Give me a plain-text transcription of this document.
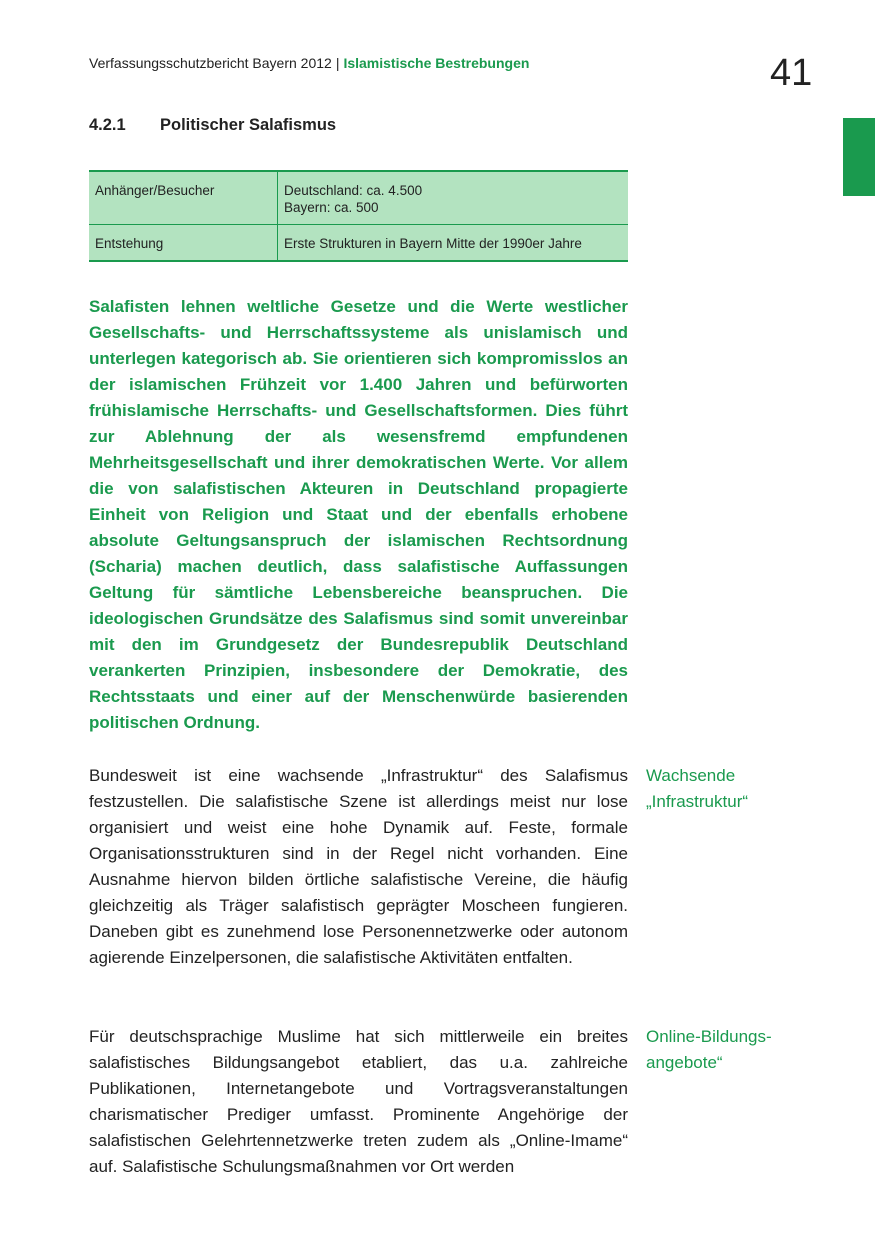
Verfassungsschutzbericht Bayern 2012 | Islamistische Bestrebungen	41
4.2.1 Politischer Salafismus
Anhänger/Besucher	Deutschland: ca. 4.500
Bayern: ca. 500

Entstehung	Erste Strukturen in Bayern Mitte der 1990er Jahre

Salafisten lehnen weltliche Gesetze und die Werte westlicher Gesellschafts- und Herrschaftssysteme als unislamisch und unterlegen kategorisch ab. Sie orientieren sich kompromisslos an der islamischen Frühzeit vor 1.400 Jahren und befürworten frühislamische Herrschafts- und Gesellschaftsformen. Dies führt zur Ablehnung der als wesensfremd empfundenen Mehrheitsgesellschaft und ihrer demokratischen Werte. Vor allem die von salafistischen Akteuren in Deutschland propagierte Einheit von Religion und Staat und der ebenfalls erhobene absolute Geltungsanspruch der islamischen Rechtsordnung (Scharia) machen deutlich, dass salafistische Auffassungen Geltung für sämtliche Lebensbereiche beanspruchen. Die ideologischen Grundsätze des Salafismus sind somit unvereinbar mit den im Grundgesetz der Bundesrepublik Deutschland verankerten Prinzipien, insbesondere der Demokratie, des Rechtsstaats und einer auf der Menschenwürde basierenden politischen Ordnung.

Bundesweit ist eine wachsende „Infrastruktur“ des Salafismus festzustellen. Die salafistische Szene ist allerdings meist nur lose organisiert und weist eine hohe Dynamik auf. Feste, formale Organisationsstrukturen sind in der Regel nicht vorhanden. Eine Ausnahme hiervon bilden örtliche salafistische Vereine, die häufig gleichzeitig als Träger salafistisch geprägter Moscheen fungieren. Daneben gibt es zunehmend lose Personennetzwerke oder autonom agierende Einzelpersonen, die salafistische Aktivitäten entfalten.

Wachsende
„Infrastruktur“

Für deutschsprachige Muslime hat sich mittlerweile ein breites salafistisches Bildungsangebot etabliert, das u.a. zahlreiche Publikationen, Internetangebote und Vortragsveranstaltungen charismatischer Prediger umfasst. Prominente Angehörige der salafistischen Gelehrtennetzwerke treten zudem als „Online-Imame“ auf. Salafistische Schulungsmaßnahmen vor Ort werden

Online-Bildungs-
angebote“
